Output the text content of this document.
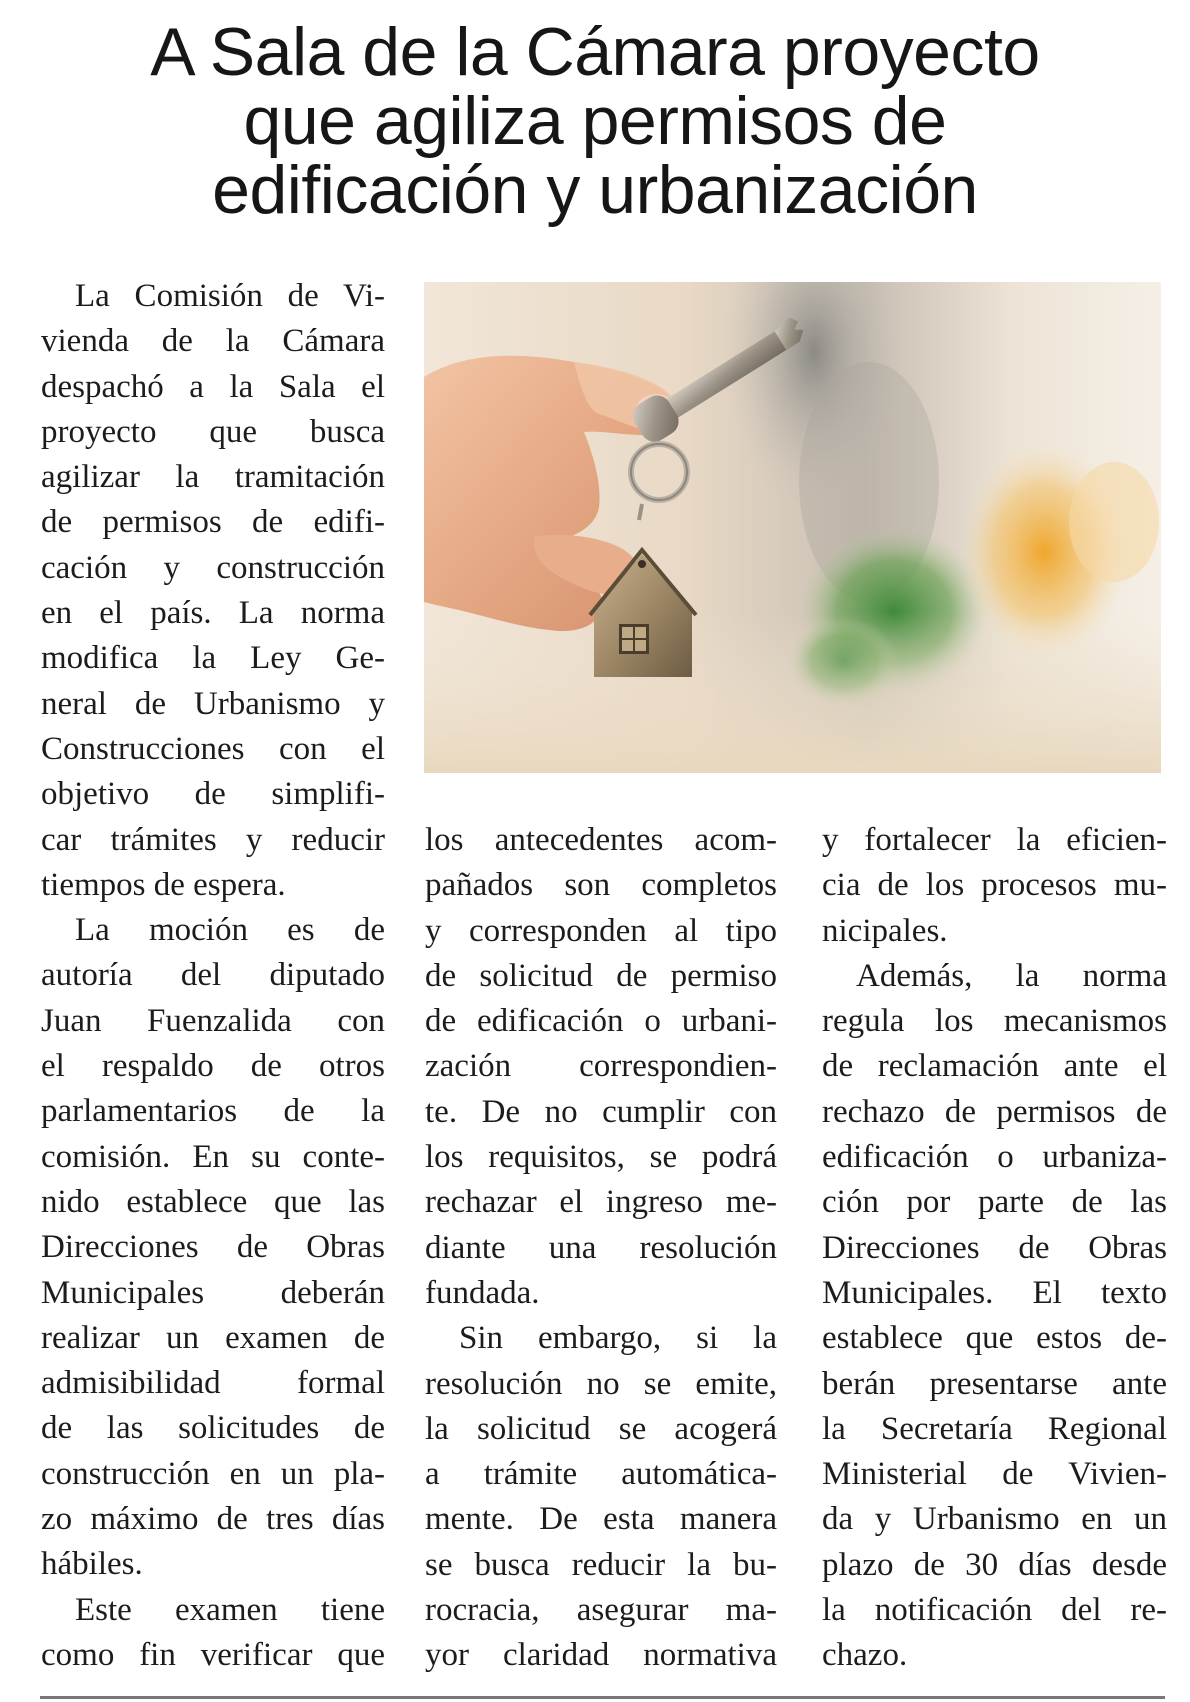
A Sala de la Cámara proyecto
que agiliza permisos de
edificación y urbanización

La Comisión de Vi-
vienda de la Cámara
despachó a la Sala el
proyecto que busca
agilizar la tramitación
de permisos de edifi-
cación y construcción
en el país. La norma
modifica la Ley Ge-
neral de Urbanismo y
Construcciones con el
objetivo de simplifi-
car trámites y reducir
tiempos de espera.

La moción es de
autoría del diputado
Juan Fuenzalida con
el respaldo de otros
parlamentarios de la
comisión. En su conte-
nido establece que las
Direcciones de Obras
Municipales deberán
realizar un examen de
admisibilidad formal
de las solicitudes de
construcción en un pla-
zo máximo de tres días
hábiles.

Este examen tiene
como fin verificar que

los antecedentes acom-
pañados son completos
y corresponden al tipo
de solicitud de permiso
de edificación o urbani-
zación correspondien-
te. De no cumplir con
los requisitos, se podrá
rechazar el ingreso me-
diante una resolución
fundada.

Sin embargo, si la
resolución no se emite,
la solicitud se acogerá
a trámite automática-
mente. De esta manera
se busca reducir la bu-
rocracia, asegurar ma-
yor claridad normativa

y fortalecer la eficien-
cia de los procesos mu-
nicipales.

Además, la norma
regula los mecanismos
de reclamación ante el
rechazo de permisos de
edificación o urbaniza-
ción por parte de las
Direcciones de Obras
Municipales. El texto
establece que estos de-
berán presentarse ante
la Secretaría Regional
Ministerial de Vivien-
da y Urbanismo en un
plazo de 30 días desde
la notificación del re-
chazo.
